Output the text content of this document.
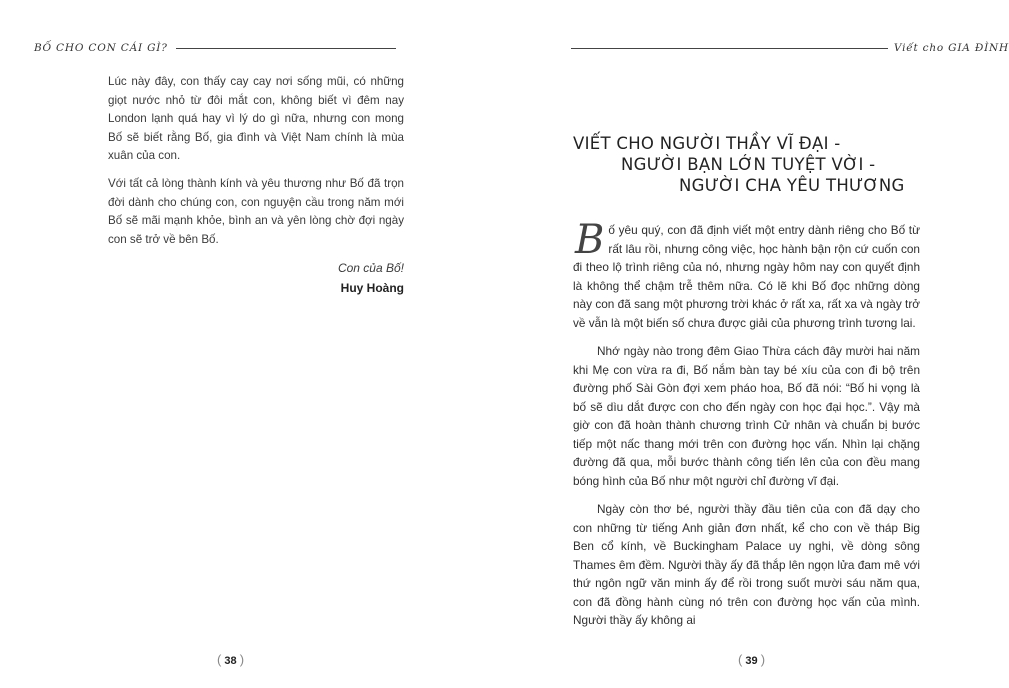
BỐ CHO CON CÁI GÌ?

Lúc này đây, con thấy cay cay nơi sống mũi, có những giọt nước nhỏ từ đôi mắt con, không biết vì đêm nay London lạnh quá hay vì lý do gì nữa, nhưng con mong Bố sẽ biết rằng Bố, gia đình và Việt Nam chính là mùa xuân của con.

Với tất cả lòng thành kính và yêu thương như Bố đã trọn đời dành cho chúng con, con nguyện cầu trong năm mới Bố sẽ mãi mạnh khỏe, bình an và yên lòng chờ đợi ngày con sẽ trở về bên Bố.

Con của Bố!
Huy Hoàng
( 38 )
Viết cho GIA ĐÌNH
( 39 )
VIẾT CHO NGƯỜI THẦY VĨ ĐẠI -
NGƯỜI BẠN LỚN TUYỆT VỜI -
NGƯỜI CHA YÊU THƯƠNG

Bố yêu quý, con đã định viết một entry dành riêng cho Bố từ rất lâu rồi, nhưng công việc, học hành bận rộn cứ cuốn con đi theo lộ trình riêng của nó, nhưng ngày hôm nay con quyết định là không thể chậm trễ thêm nữa. Có lẽ khi Bố đọc những dòng này con đã sang một phương trời khác ở rất xa, rất xa và ngày trở về vẫn là một biến số chưa được giải của phương trình tương lai.

Nhớ ngày nào trong đêm Giao Thừa cách đây mười hai năm khi Mẹ con vừa ra đi, Bố nắm bàn tay bé xíu của con đi bộ trên đường phố Sài Gòn đợi xem pháo hoa, Bố đã nói: “Bố hi vọng là bố sẽ dìu dắt được con cho đến ngày con học đại học.”. Vậy mà giờ con đã hoàn thành chương trình Cử nhân và chuẩn bị bước tiếp một nấc thang mới trên con đường học vấn. Nhìn lại chặng đường đã qua, mỗi bước thành công tiến lên của con đều mang bóng hình của Bố như một người chỉ đường vĩ đại.

Ngày còn thơ bé, người thầy đầu tiên của con đã dạy cho con những từ tiếng Anh giản đơn nhất, kể cho con về tháp Big Ben cổ kính, về Buckingham Palace uy nghi, về dòng sông Thames êm đềm. Người thầy ấy đã thắp lên ngọn lửa đam mê với thứ ngôn ngữ văn minh ấy để rồi trong suốt mười sáu năm qua, con đã đồng hành cùng nó trên con đường học vấn của mình. Người thầy ấy không ai
